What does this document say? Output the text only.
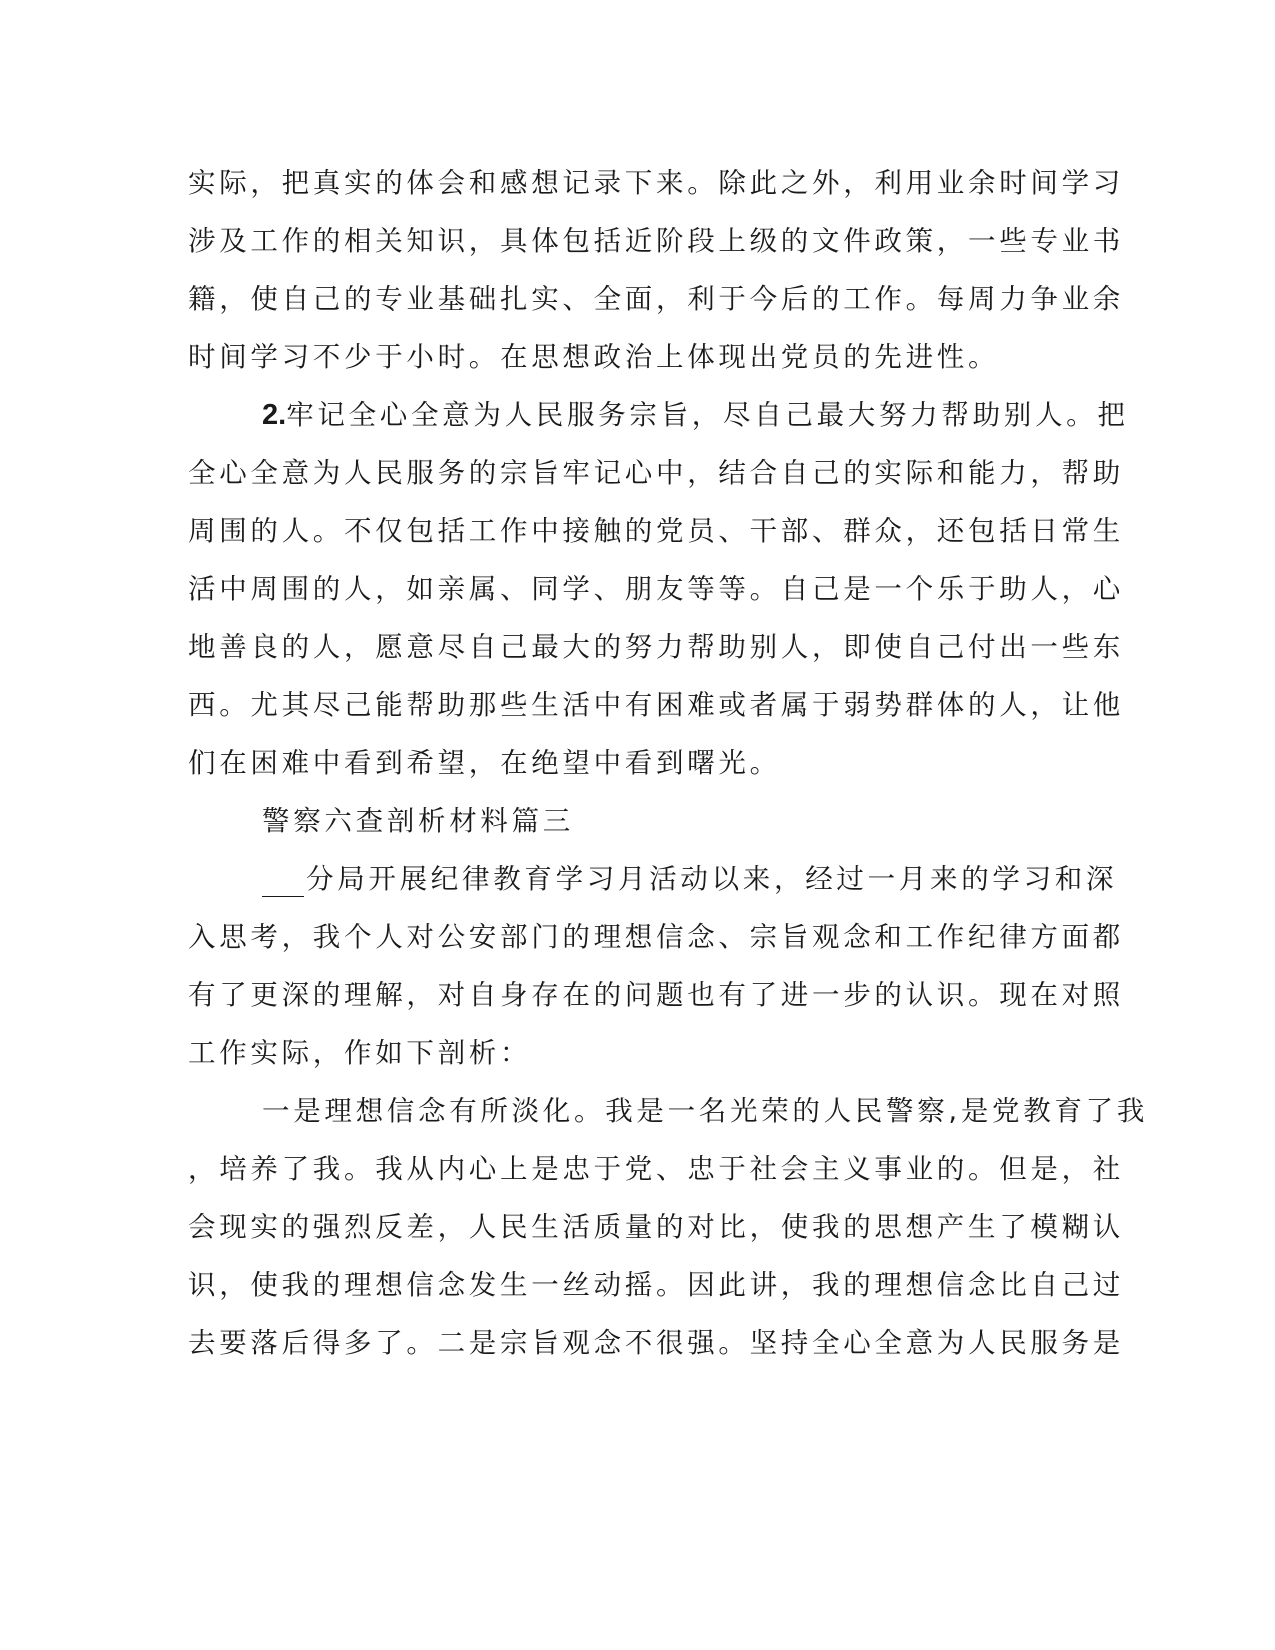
实际，把真实的体会和感想记录下来。除此之外，利用业余时间学习
涉及工作的相关知识，具体包括近阶段上级的文件政策，一些专业书
籍，使自己的专业基础扎实、全面，利于今后的工作。每周力争业余
时间学习不少于小时。在思想政治上体现出党员的先进性。
2.牢记全心全意为人民服务宗旨，尽自己最大努力帮助别人。把
全心全意为人民服务的宗旨牢记心中，结合自己的实际和能力，帮助
周围的人。不仅包括工作中接触的党员、干部、群众，还包括日常生
活中周围的人，如亲属、同学、朋友等等。自己是一个乐于助人，心
地善良的人，愿意尽自己最大的努力帮助别人，即使自己付出一些东
西。尤其尽己能帮助那些生活中有困难或者属于弱势群体的人，让他
们在困难中看到希望，在绝望中看到曙光。
警察六查剖析材料篇三
分局开展纪律教育学习月活动以来，经过一月来的学习和深
入思考，我个人对公安部门的理想信念、宗旨观念和工作纪律方面都
有了更深的理解，对自身存在的问题也有了进一步的认识。现在对照
工作实际，作如下剖析：
一是理想信念有所淡化。我是一名光荣的人民警察,是党教育了我
，培养了我。我从内心上是忠于党、忠于社会主义事业的。但是，社
会现实的强烈反差，人民生活质量的对比，使我的思想产生了模糊认
识，使我的理想信念发生一丝动摇。因此讲，我的理想信念比自己过
去要落后得多了。二是宗旨观念不很强。坚持全心全意为人民服务是
